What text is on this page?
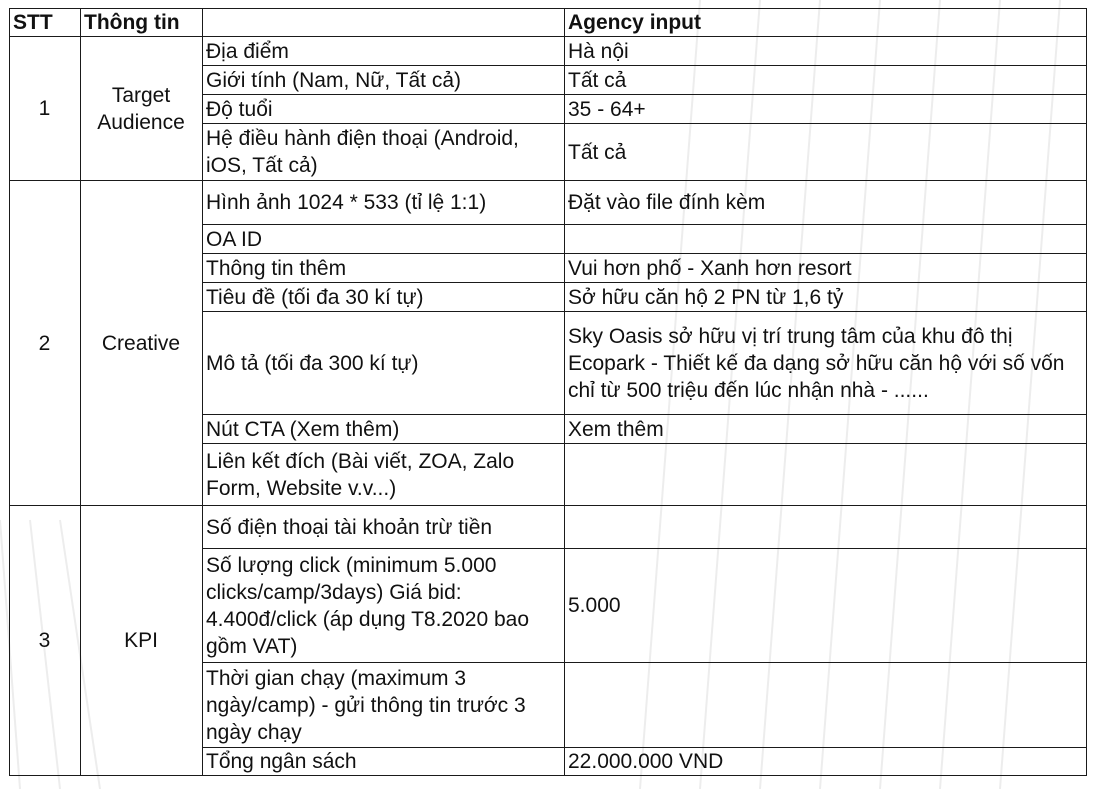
STT	Thông tin		Agency input
1	Target Audience	Địa điểm	Hà nội
		Giới tính (Nam, Nữ, Tất cả)	Tất cả
		Độ tuổi	35 - 64+
		Hệ điều hành điện thoại (Android, iOS, Tất cả)	Tất cả
2	Creative	Hình ảnh 1024 * 533 (tỉ lệ 1:1)	Đặt vào file đính kèm
		OA ID	
		Thông tin thêm	Vui hơn phố - Xanh hơn resort
		Tiêu đề (tối đa 30 kí tự)	Sở hữu căn hộ 2 PN từ 1,6 tỷ
		Mô tả (tối đa 300 kí tự)	Sky Oasis sở hữu vị trí trung tâm của khu đô thị Ecopark - Thiết kế đa dạng sở hữu căn hộ với số vốn chỉ từ 500 triệu đến lúc nhận nhà - ......
		Nút CTA (Xem thêm)	Xem thêm
		Liên kết đích (Bài viết, ZOA, Zalo Form, Website v.v...)	
3	KPI	Số điện thoại tài khoản trừ tiền	
		Số lượng click (minimum 5.000 clicks/camp/3days) Giá bid: 4.400đ/click (áp dụng T8.2020 bao gồm VAT)	5.000
		Thời gian chạy (maximum 3 ngày/camp) - gửi thông tin trước 3 ngày chạy	
		Tổng ngân sách	22.000.000 VND
